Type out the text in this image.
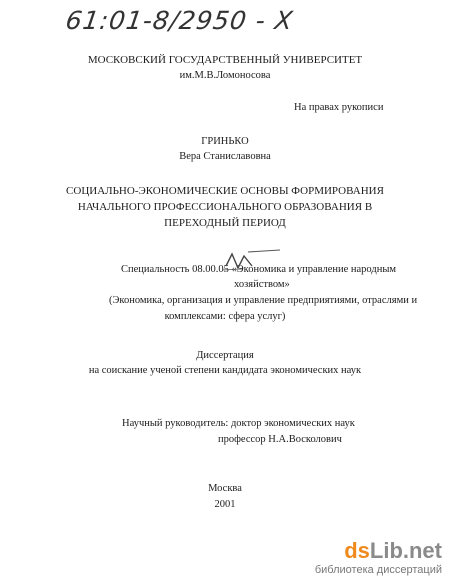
61:01-8/2950 - X
МОСКОВСКИЙ ГОСУДАРСТВЕННЫЙ УНИВЕРСИТЕТ
им.М.В.Ломоносова
На правах рукописи
ГРИНЬКО
Вера Станиславовна
СОЦИАЛЬНО-ЭКОНОМИЧЕСКИЕ ОСНОВЫ ФОРМИРОВАНИЯ
НАЧАЛЬНОГО ПРОФЕССИОНАЛЬНОГО ОБРАЗОВАНИЯ В
ПЕРЕХОДНЫЙ ПЕРИОД
Специальность 08.00.05 «Экономика и управление народным
хозяйством»
(Экономика, организация и управление предприятиями, отраслями и
комплексами: сфера услуг)
Диссертация
на соискание ученой степени кандидата экономических наук
Научный руководитель: доктор экономических наук
профессор Н.А.Восколович
Москва
2001
dsLib.net
библиотека диссертаций
